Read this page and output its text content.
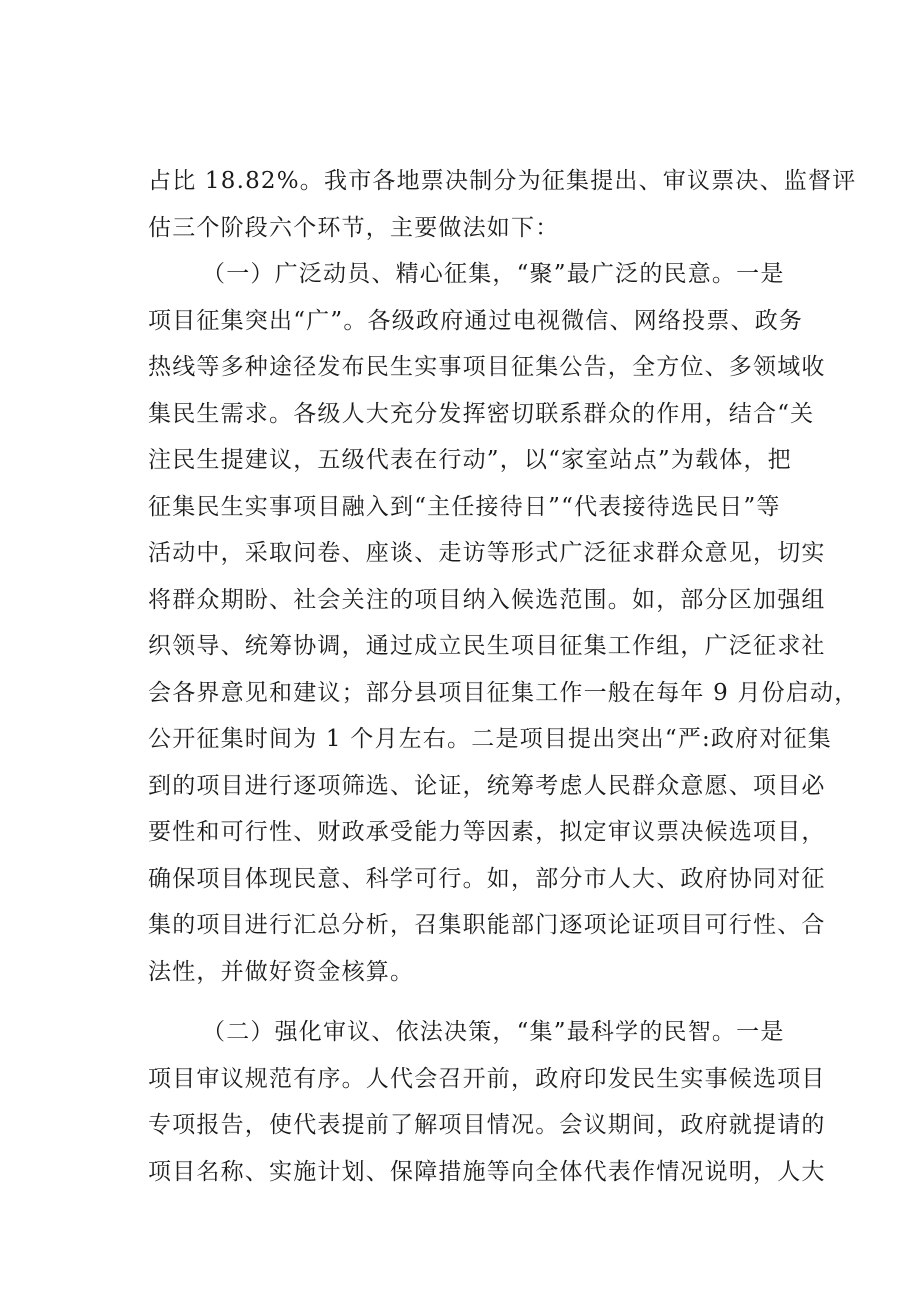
占比 18.82%。我市各地票决制分为征集提出、审议票决、监督评
估三个阶段六个环节，主要做法如下：
（一）广泛动员、精心征集，“聚”最广泛的民意。一是
项目征集突出“广”。各级政府通过电视微信、网络投票、政务
热线等多种途径发布民生实事项目征集公告，全方位、多领域收
集民生需求。各级人大充分发挥密切联系群众的作用，结合“关
注民生提建议，五级代表在行动”，以“家室站点”为载体，把
征集民生实事项目融入到“主任接待日”“代表接待选民日”等
活动中，采取问卷、座谈、走访等形式广泛征求群众意见，切实
将群众期盼、社会关注的项目纳入候选范围。如，部分区加强组
织领导、统筹协调，通过成立民生项目征集工作组，广泛征求社
会各界意见和建议；部分县项目征集工作一般在每年 9 月份启动，
公开征集时间为 1 个月左右。二是项目提出突出“严:政府对征集
到的项目进行逐项筛选、论证，统筹考虑人民群众意愿、项目必
要性和可行性、财政承受能力等因素，拟定审议票决候选项目，
确保项目体现民意、科学可行。如，部分市人大、政府协同对征
集的项目进行汇总分析，召集职能部门逐项论证项目可行性、合
法性，并做好资金核算。
（二）强化审议、依法决策，“集”最科学的民智。一是
项目审议规范有序。人代会召开前，政府印发民生实事候选项目
专项报告，使代表提前了解项目情况。会议期间，政府就提请的
项目名称、实施计划、保障措施等向全体代表作情况说明，人大
